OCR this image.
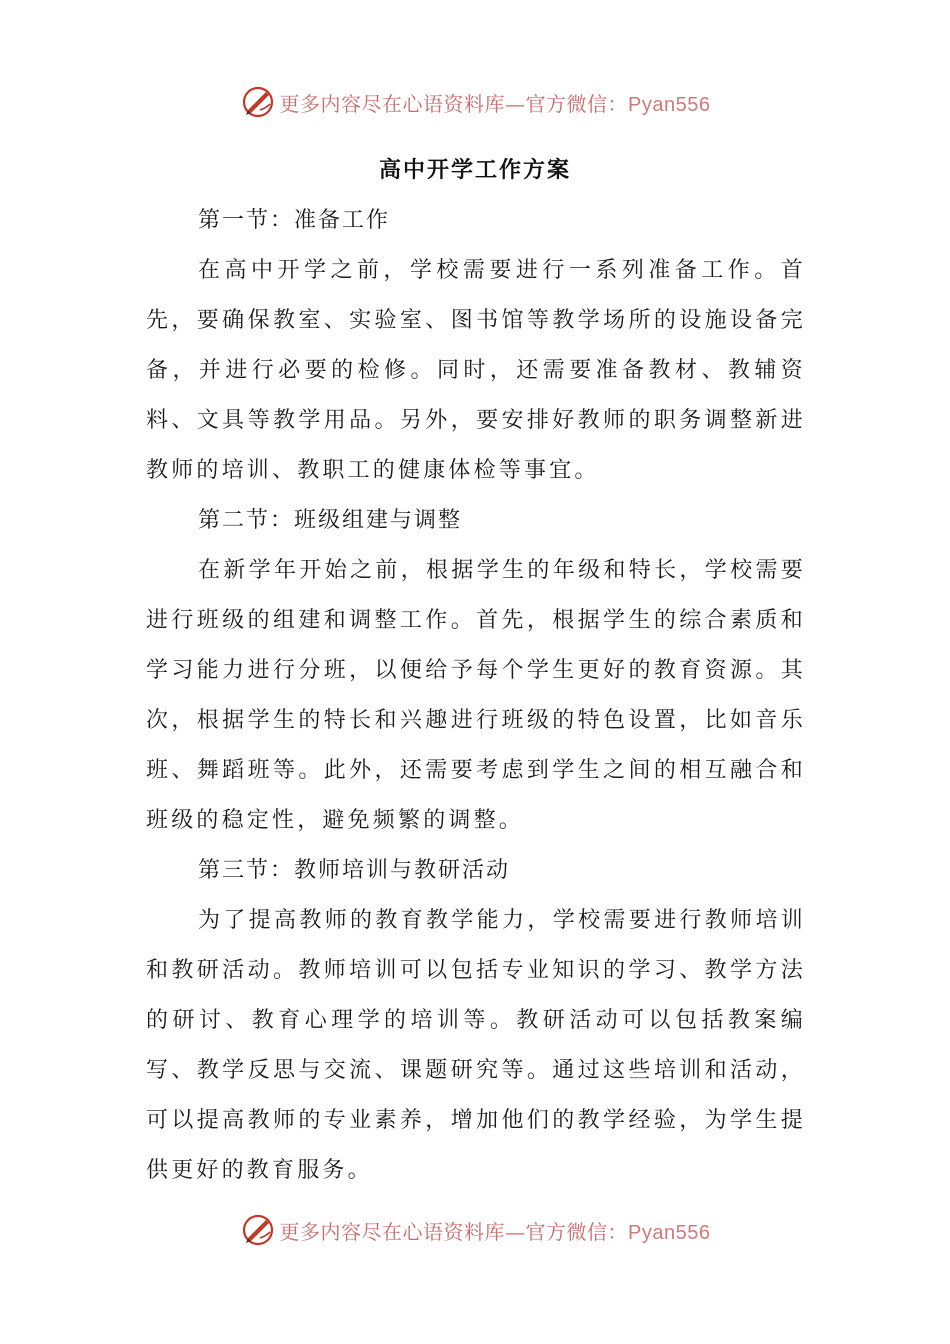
更多内容尽在心语资料库—官方微信：Pyan556
高中开学工作方案

第一节：准备工作

在高中开学之前，学校需要进行一系列准备工作。首先，要确保教室、实验室、图书馆等教学场所的设施设备完备，并进行必要的检修。同时，还需要准备教材、教辅资料、文具等教学用品。另外，要安排好教师的职务调整新进教师的培训、教职工的健康体检等事宜。

第二节：班级组建与调整

在新学年开始之前，根据学生的年级和特长，学校需要进行班级的组建和调整工作。首先，根据学生的综合素质和学习能力进行分班，以便给予每个学生更好的教育资源。其次，根据学生的特长和兴趣进行班级的特色设置，比如音乐班、舞蹈班等。此外，还需要考虑到学生之间的相互融合和班级的稳定性，避免频繁的调整。

第三节：教师培训与教研活动

为了提高教师的教育教学能力，学校需要进行教师培训和教研活动。教师培训可以包括专业知识的学习、教学方法的研讨、教育心理学的培训等。教研活动可以包括教案编写、教学反思与交流、课题研究等。通过这些培训和活动，可以提高教师的专业素养，增加他们的教学经验，为学生提供更好的教育服务。

更多内容尽在心语资料库—官方微信：Pyan556
